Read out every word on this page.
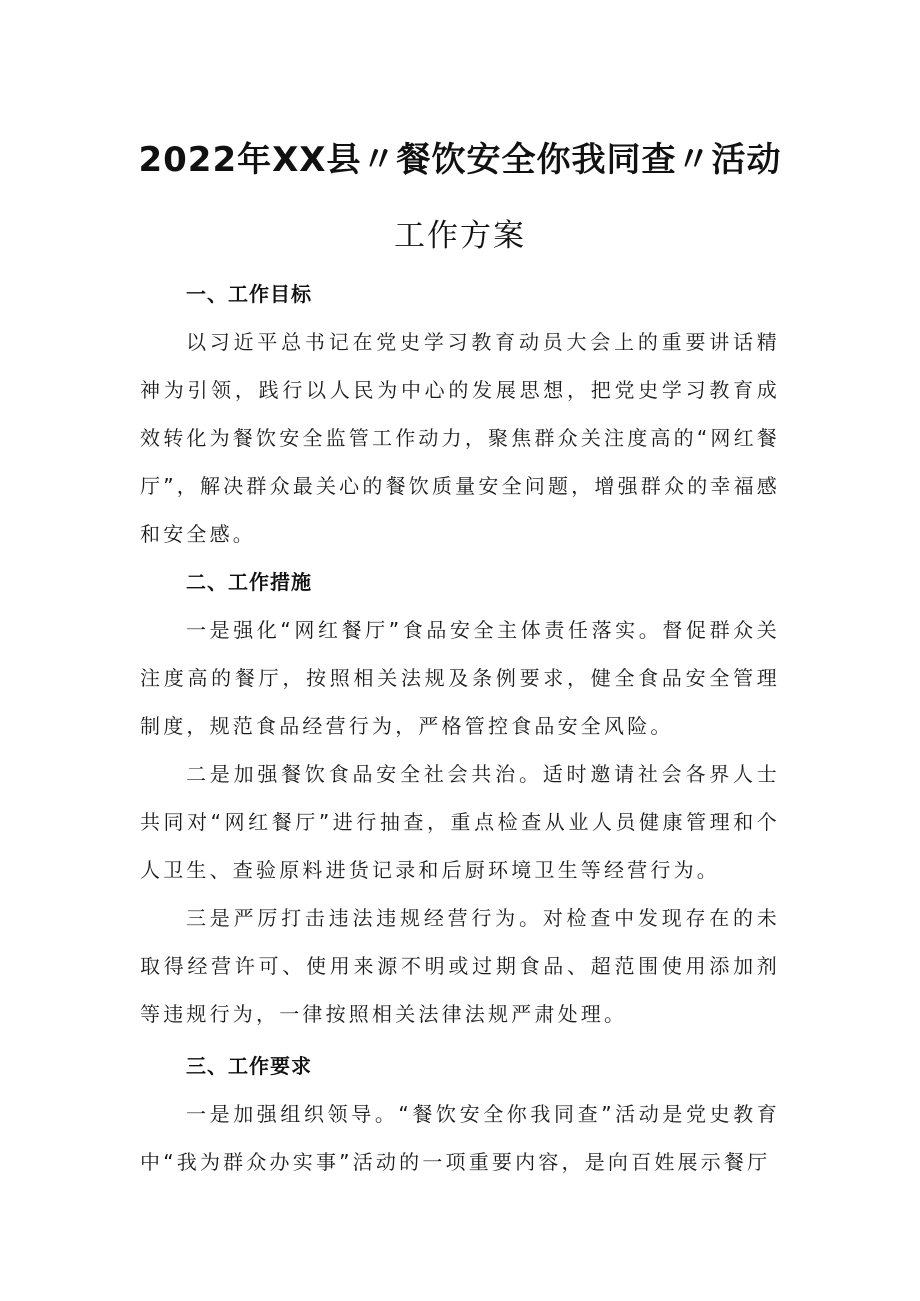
2022年XX县〃餐饮安全你我同查〃活动
工作方案
一、工作目标
以习近平总书记在党史学习教育动员大会上的重要讲话精神为引领，践行以人民为中心的发展思想，把党史学习教育成效转化为餐饮安全监管工作动力，聚焦群众关注度高的“网红餐厅”，解决群众最关心的餐饮质量安全问题，增强群众的幸福感和安全感。
二、工作措施
一是强化“网红餐厅”食品安全主体责任落实。督促群众关注度高的餐厅，按照相关法规及条例要求，健全食品安全管理制度，规范食品经营行为，严格管控食品安全风险。
二是加强餐饮食品安全社会共治。适时邀请社会各界人士共同对“网红餐厅”进行抽查，重点检查从业人员健康管理和个人卫生、查验原料进货记录和后厨环境卫生等经营行为。
三是严厉打击违法违规经营行为。对检查中发现存在的未取得经营许可、使用来源不明或过期食品、超范围使用添加剂等违规行为，一律按照相关法律法规严肃处理。
三、工作要求
一是加强组织领导。“餐饮安全你我同查”活动是党史教育中“我为群众办实事”活动的一项重要内容，是向百姓展示餐厅
